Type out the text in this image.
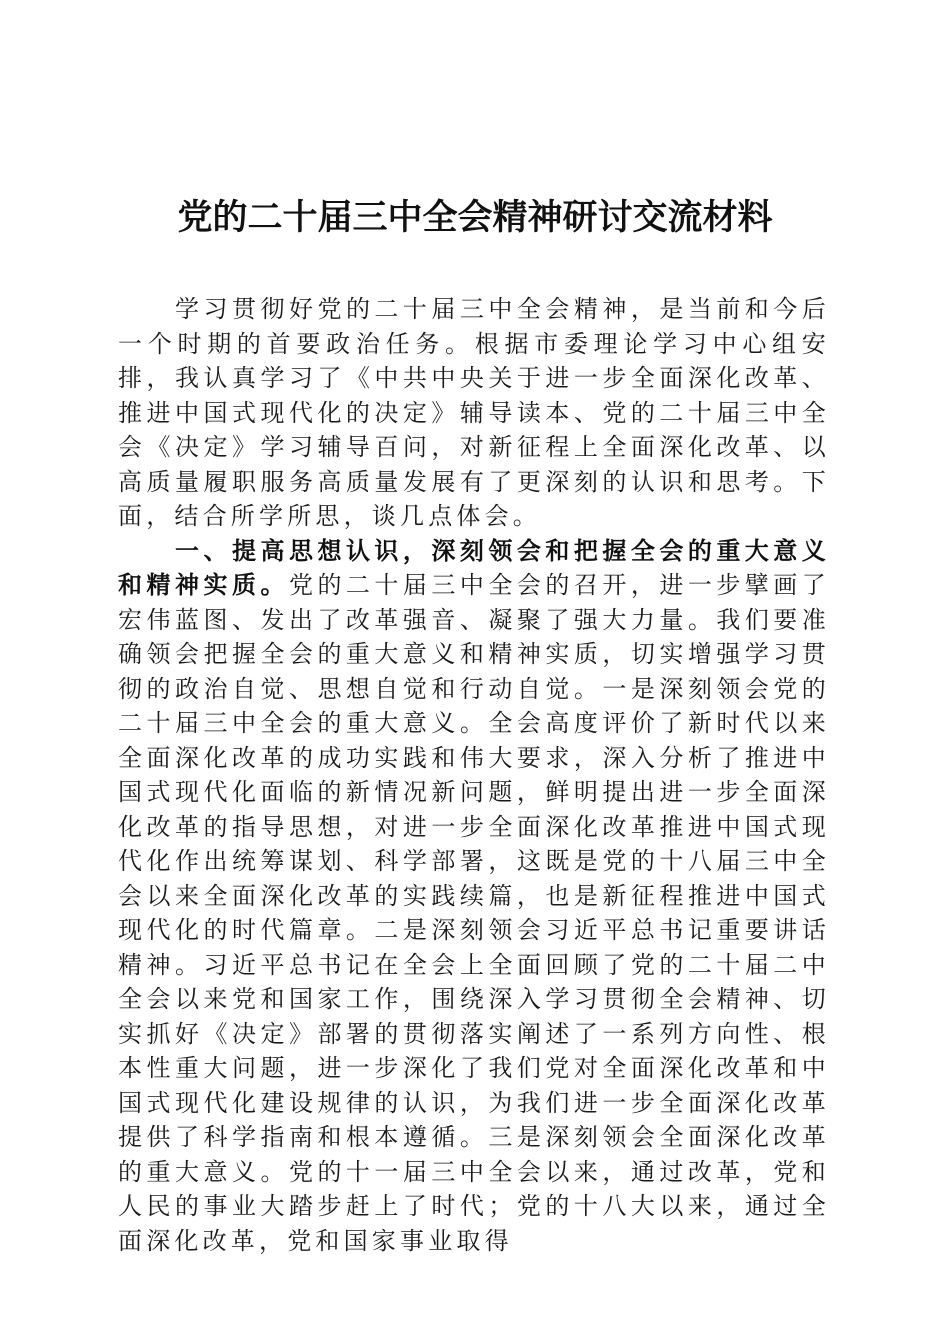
党的二十届三中全会精神研讨交流材料

学习贯彻好党的二十届三中全会精神，是当前和今后一个时期的首要政治任务。根据市委理论学习中心组安排，我认真学习了《中共中央关于进一步全面深化改革、推进中国式现代化的决定》辅导读本、党的二十届三中全会《决定》学习辅导百问，对新征程上全面深化改革、以高质量履职服务高质量发展有了更深刻的认识和思考。下面，结合所学所思，谈几点体会。

一、提高思想认识，深刻领会和把握全会的重大意义和精神实质。党的二十届三中全会的召开，进一步擘画了宏伟蓝图、发出了改革强音、凝聚了强大力量。我们要准确领会把握全会的重大意义和精神实质，切实增强学习贯彻的政治自觉、思想自觉和行动自觉。一是深刻领会党的二十届三中全会的重大意义。全会高度评价了新时代以来全面深化改革的成功实践和伟大要求，深入分析了推进中国式现代化面临的新情况新问题，鲜明提出进一步全面深化改革的指导思想，对进一步全面深化改革推进中国式现代化作出统筹谋划、科学部署，这既是党的十八届三中全会以来全面深化改革的实践续篇，也是新征程推进中国式现代化的时代篇章。二是深刻领会习近平总书记重要讲话精神。习近平总书记在全会上全面回顾了党的二十届二中全会以来党和国家工作，围绕深入学习贯彻全会精神、切实抓好《决定》部署的贯彻落实阐述了一系列方向性、根本性重大问题，进一步深化了我们党对全面深化改革和中国式现代化建设规律的认识，为我们进一步全面深化改革提供了科学指南和根本遵循。三是深刻领会全面深化改革的重大意义。党的十一届三中全会以来，通过改革，党和人民的事业大踏步赶上了时代；党的十八大以来，通过全面深化改革，党和国家事业取得
